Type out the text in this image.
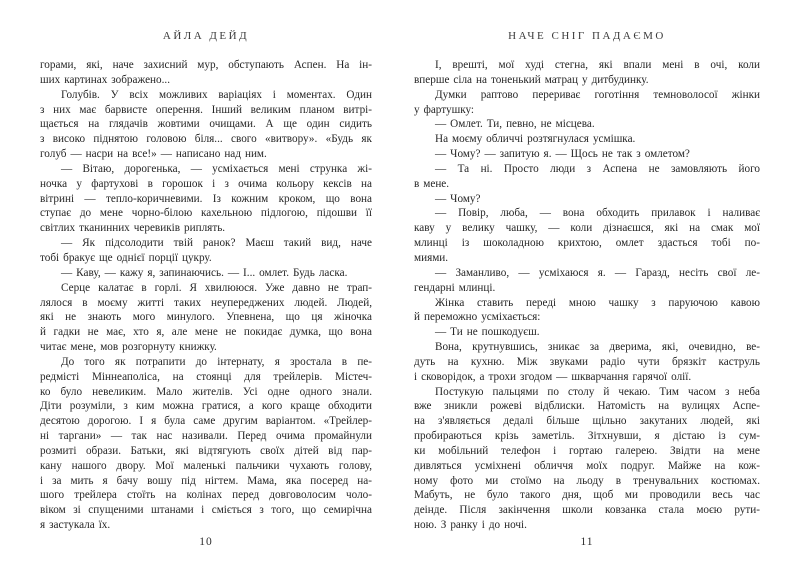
АЙЛА ДЕЙД
горами, які, наче захисний мур, обступають Аспен. На ін-
ших картинах зображено...
Голубів. У всіх можливих варіаціях і моментах. Один
з них має барвисте оперення. Інший великим планом витрі-
щається на глядачів жовтими очищами. А ще один сидить
з високо піднятою головою біля... свого «витвору». «Будь як
голуб — насри на все!» — написано над ним.
— Вітаю, дорогенька, — усміхається мені струнка жі-
ночка у фартухові в горошок і з очима кольору кексів на
вітрині — тепло-коричневими. Із кожним кроком, що вона
ступає до мене чорно-білою кахельною підлогою, підошви її
світлих тканинних черевиків риплять.
— Як підсолодити твій ранок? Маєш такий вид, наче
тобі бракує ще однієї порції цукру.
— Каву, — кажу я, запинаючись. — І... омлет. Будь ласка.
Серце калатає в горлі. Я хвилююся. Уже давно не трап-
лялося в моєму житті таких неупереджених людей. Людей,
які не знають мого минулого. Упевнена, що ця жіночка
й гадки не має, хто я, але мене не покидає думка, що вона
читає мене, мов розгорнуту книжку.
До того як потрапити до інтернату, я зростала в пе-
редмісті Міннеаполіса, на стоянці для трейлерів. Містеч-
ко було невеликим. Мало жителів. Усі одне одного знали.
Діти розуміли, з ким можна гратися, а кого краще обходити
десятою дорогою. І я була саме другим варіантом. «Трейлер-
ні таргани» — так нас називали. Перед очима промайнули
розмиті образи. Батьки, які відтягують своїх дітей від пар-
кану нашого двору. Мої маленькі пальчики чухають голову,
і за мить я бачу вошу під нігтем. Мама, яка посеред на-
шого трейлера стоїть на колінах перед довговолосим чоло-
віком зі спущеними штанами і сміється з того, що семирічна
я застукала їх.
10
НАЧЕ СНІГ ПАДАЄМО
І, врешті, мої худі стегна, які впали мені в очі, коли
вперше сіла на тоненький матрац у дитбудинку.
Думки раптово перериває гоготіння темноволосої жінки
у фартушку:
— Омлет. Ти, певно, не місцева.
На моєму обличчі розтягнулася усмішка.
— Чому? — запитую я. — Щось не так з омлетом?
— Та ні. Просто люди з Аспена не замовляють його
в мене.
— Чому?
— Повір, люба, — вона обходить прилавок і наливає
каву у велику чашку, — коли дізнаєшся, які на смак мої
млинці із шоколадною крихтою, омлет здасться тобі по-
миями.
— Заманливо, — усміхаюся я. — Гаразд, несіть свої ле-
гендарні млинці.
Жінка ставить переді мною чашку з паруючою кавою
й переможно усміхається:
— Ти не пошкодуєш.
Вона, крутнувшись, зникає за дверима, які, очевидно, ве-
дуть на кухню. Між звуками радіо чути брязкіт каструль
і сковорідок, а трохи згодом — шкварчання гарячої олії.
Постукую пальцями по столу й чекаю. Тим часом з неба
вже зникли рожеві відблиски. Натомість на вулицях Аспе-
на з'являється дедалі більше щільно закутаних людей, які
пробираються крізь заметіль. Зітхнувши, я дістаю із сум-
ки мобільний телефон і гортаю галерею. Звідти на мене
дивляться усміхнені обличчя моїх подруг. Майже на кож-
ному фото ми стоїмо на льоду в тренувальних костюмах.
Мабуть, не було такого дня, щоб ми проводили весь час
деінде. Після закінчення школи ковзанка стала моєю рути-
ною. З ранку і до ночі.
11
